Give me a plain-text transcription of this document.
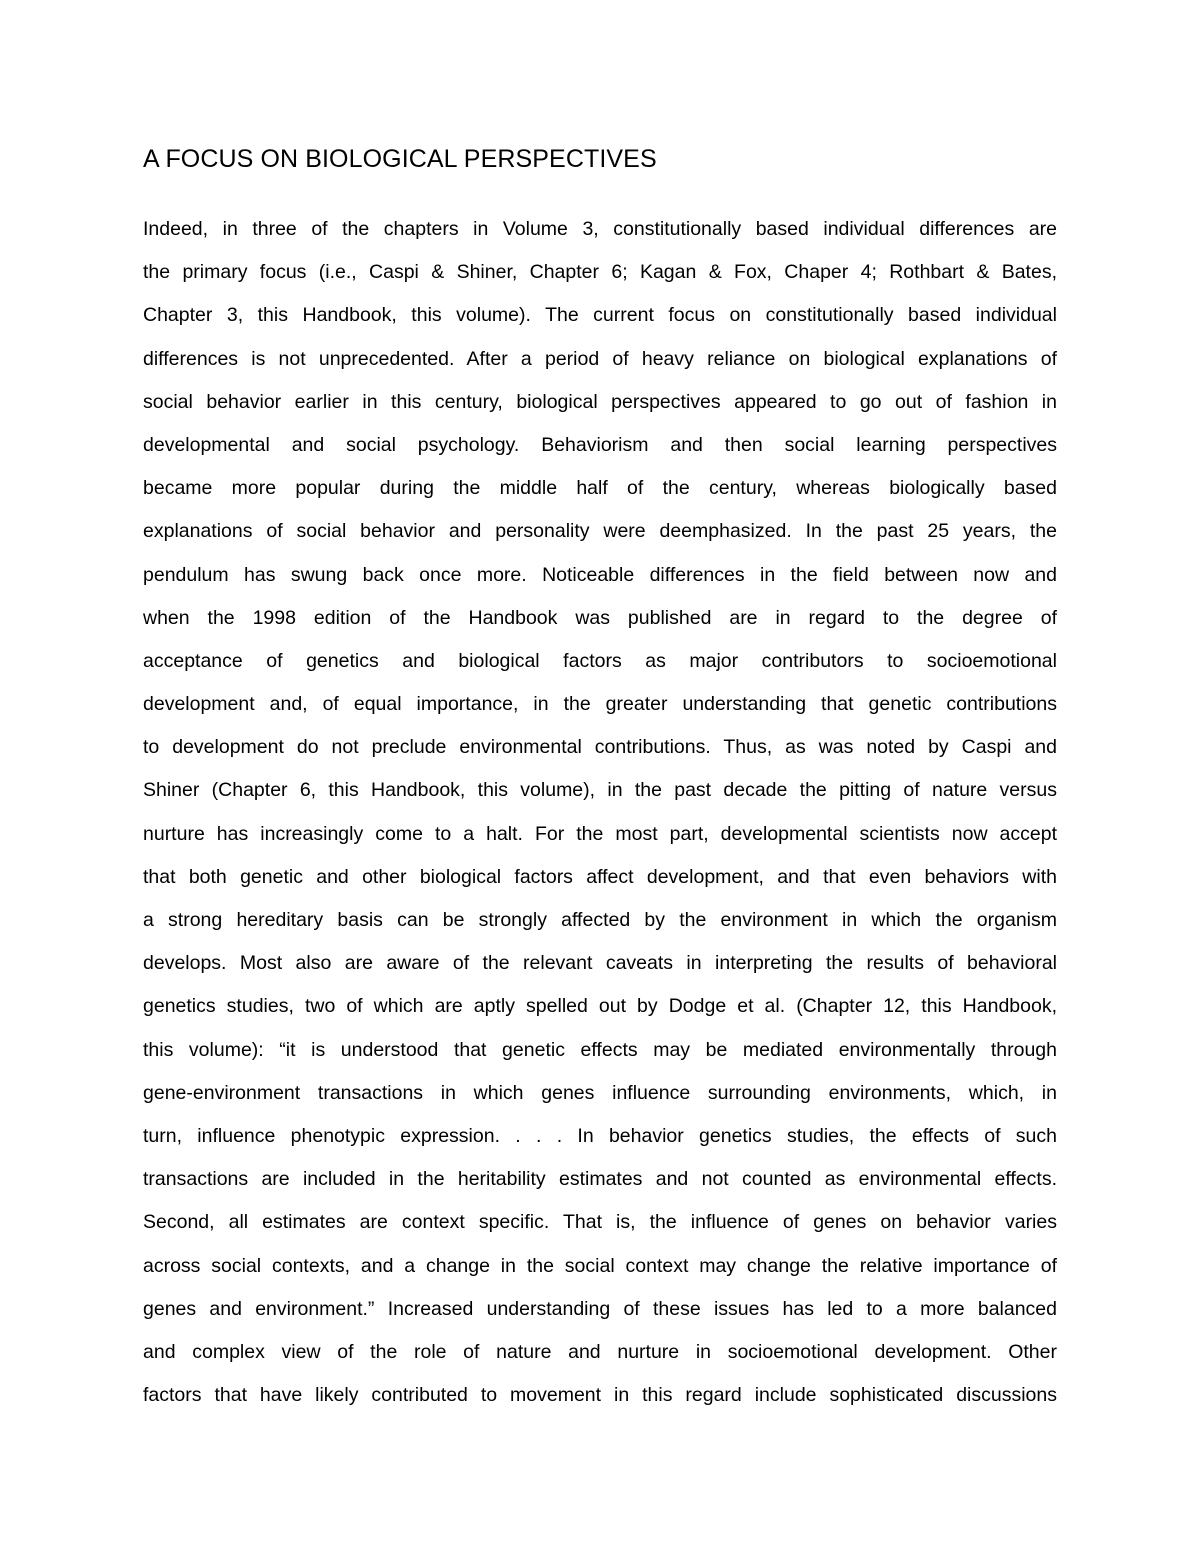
A FOCUS ON BIOLOGICAL PERSPECTIVES
Indeed, in three of the chapters in Volume 3, constitutionally based individual differences are
the primary focus (i.e., Caspi & Shiner, Chapter 6; Kagan & Fox, Chaper 4; Rothbart & Bates,
Chapter 3, this Handbook, this volume). The current focus on constitutionally based individual
differences is not unprecedented. After a period of heavy reliance on biological explanations of
social behavior earlier in this century, biological perspectives appeared to go out of fashion in
developmental and social psychology. Behaviorism and then social learning perspectives
became more popular during the middle half of the century, whereas biologically based
explanations of social behavior and personality were deemphasized. In the past 25 years, the
pendulum has swung back once more. Noticeable differences in the field between now and
when the 1998 edition of the Handbook was published are in regard to the degree of
acceptance of genetics and biological factors as major contributors to socioemotional
development and, of equal importance, in the greater understanding that genetic contributions
to development do not preclude environmental contributions. Thus, as was noted by Caspi and
Shiner (Chapter 6, this Handbook, this volume), in the past decade the pitting of nature versus
nurture has increasingly come to a halt. For the most part, developmental scientists now accept
that both genetic and other biological factors affect development, and that even behaviors with
a strong hereditary basis can be strongly affected by the environment in which the organism
develops. Most also are aware of the relevant caveats in interpreting the results of behavioral
genetics studies, two of which are aptly spelled out by Dodge et al. (Chapter 12, this Handbook,
this volume): “it is understood that genetic effects may be mediated environmentally through
gene-environment transactions in which genes influence surrounding environments, which, in
turn, influence phenotypic expression. . . . In behavior genetics studies, the effects of such
transactions are included in the heritability estimates and not counted as environmental effects.
Second, all estimates are context specific. That is, the influence of genes on behavior varies
across social contexts, and a change in the social context may change the relative importance of
genes and environment.” Increased understanding of these issues has led to a more balanced
and complex view of the role of nature and nurture in socioemotional development. Other
factors that have likely contributed to movement in this regard include sophisticated discussions
